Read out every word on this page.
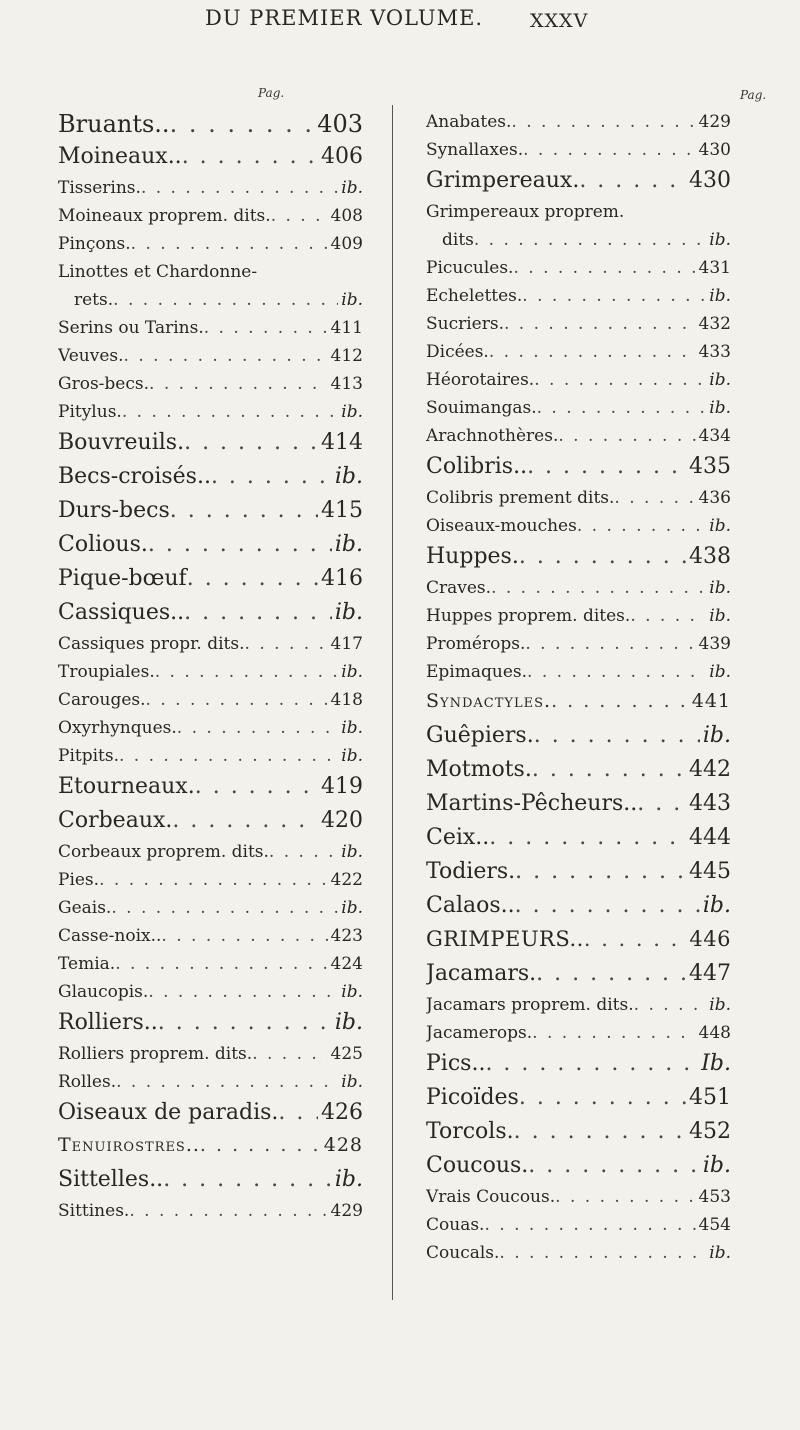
DU PREMIER VOLUME. XXXV
Pag.	Pag.
Bruants.. . . .	403
Moineaux.. . . .	406
Tisserins. . . .	ib.
Moineaux proprem. dits. . . .	408
Pinçons. . . .	409
Linottes et Chardonne-
rets. . . .	ib.
Serins ou Tarins. . . .	411
Veuves. . . .	412
Gros-becs. . . .	413
Pitylus. . . .	ib.
Bouvreuils. . . .	414
Becs-croisés.. . . .	ib.
Durs-becs . . .	415
Colious. . . .	ib.
Pique-bœuf . . .	416
Cassiques.. . . .	ib.
Cassiques propr. dits. . . .	417
Troupiales. . . .	ib.
Carouges. . . .	418
Oxyrhynques. . . .	ib.
Pitpits. . . .	ib.
Etourneaux. . . .	419
Corbeaux. . . .	420
Corbeaux proprem. dits. . . .	ib.
Pies. . . .	422
Geais. . . .	ib.
Casse-noix.. . . .	423
Temia. . . .	424
Glaucopis. . . .	ib.
Rolliers.. . . .	ib.
Rolliers proprem. dits. . . .	425
Rolles. . . .	ib.
Oiseaux de paradis. . . . 426
Tenuirostres.. . . .	428
Sittelles.. . . .	ib.
Sittines. . . .	429
Anabates. . . .	429
Synallaxes. . . .	430
Grimpereaux. . . .	430
Grimpereaux proprem.
dits . . .	ib.
Picucules. . . .	431
Echelettes. . . .	ib.
Sucriers. . . .	432
Dicées. . . .	433
Héorotaires. . . .	ib.
Souimangas. . . .	ib.
Arachnothères. . . .	434
Colibris.. . . .	435
Colibris prement dits. . . .	436
Oiseaux-mouches . . .	ib.
Huppes. . . .	438
Craves. . . .	ib.
Huppes proprem. dites. . . .	ib.
Promérops. . . .	439
Epimaques. . . .	ib.
Syndactyles. . . .	441
Guêpiers. . . .	ib.
Motmots. . . .	442
Martins-Pêcheurs.. . . . 443
Ceix.. . . .	444
Todiers. . . .	445
Calaos.. . . .	ib.
GRIMPEURS.. . . .	446
Jacamars. . . .	447
Jacamars proprem. dits. . . .	ib.
Jacamerops. . . .	448
Pics.. . . .	Ib.
Picoïdes . . .	451
Torcols. . . .	452
Coucous. . . .	ib.
Vrais Coucous. . . .	453
Couas. . . .	454
Coucals. . . .	ib.
